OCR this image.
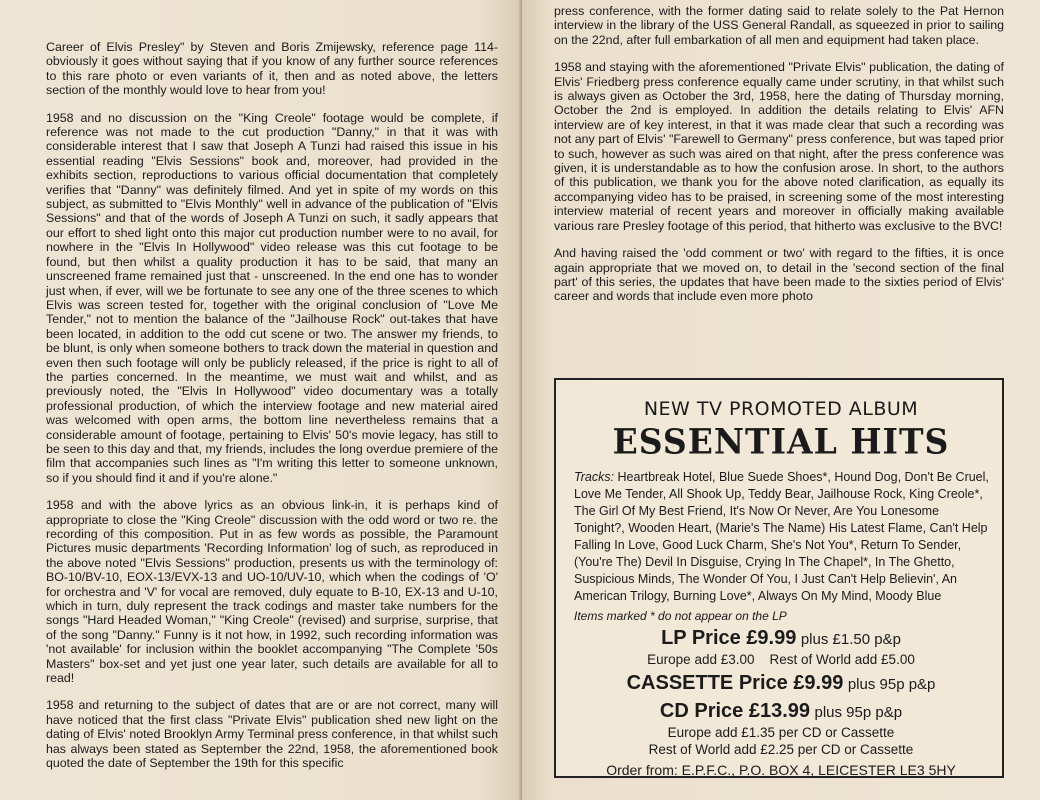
Career of Elvis Presley" by Steven and Boris Zmijewsky, reference page 114- obviously it goes without saying that if you know of any further source references to this rare photo or even variants of it, then and as noted above, the letters section of the monthly would love to hear from you!

1958 and no discussion on the "King Creole" footage would be complete, if reference was not made to the cut production "Danny," in that it was with considerable interest that I saw that Joseph A Tunzi had raised this issue in his essential reading "Elvis Sessions" book and, moreover, had provided in the exhibits section, reproductions to various official documentation that completely verifies that "Danny" was definitely filmed. And yet in spite of my words on this subject, as submitted to "Elvis Monthly" well in advance of the publication of "Elvis Sessions" and that of the words of Joseph A Tunzi on such, it sadly appears that our effort to shed light onto this major cut production number were to no avail, for nowhere in the "Elvis In Hollywood" video release was this cut footage to be found, but then whilst a quality production it has to be said, that many an unscreened frame remained just that - unscreened. In the end one has to wonder just when, if ever, will we be fortunate to see any one of the three scenes to which Elvis was screen tested for, together with the original conclusion of "Love Me Tender," not to mention the balance of the "Jailhouse Rock" out-takes that have been located, in addition to the odd cut scene or two. The answer my friends, to be blunt, is only when someone bothers to track down the material in question and even then such footage will only be publicly released, if the price is right to all of the parties concerned. In the meantime, we must wait and whilst, and as previously noted, the "Elvis In Hollywood" video documentary was a totally professional production, of which the interview footage and new material aired was welcomed with open arms, the bottom line nevertheless remains that a considerable amount of footage, pertaining to Elvis' 50's movie legacy, has still to be seen to this day and that, my friends, includes the long overdue premiere of the film that accompanies such lines as "I'm writing this letter to someone unknown, so if you should find it and if you're alone."

1958 and with the above lyrics as an obvious link-in, it is perhaps kind of appropriate to close the "King Creole" discussion with the odd word or two re. the recording of this composition. Put in as few words as possible, the Paramount Pictures music departments 'Recording Information' log of such, as reproduced in the above noted "Elvis Sessions" production, presents us with the terminology of: BO-10/BV-10, EOX-13/EVX-13 and UO-10/UV-10, which when the codings of 'O' for orchestra and 'V' for vocal are removed, duly equate to B-10, EX-13 and U-10, which in turn, duly represent the track codings and master take numbers for the songs "Hard Headed Woman," "King Creole" (revised) and surprise, surprise, that of the song "Danny." Funny is it not how, in 1992, such recording information was 'not available' for inclusion within the booklet accompanying "The Complete '50s Masters" box-set and yet just one year later, such details are available for all to read!

1958 and returning to the subject of dates that are or are not correct, many will have noticed that the first class "Private Elvis" publication shed new light on the dating of Elvis' noted Brooklyn Army Terminal press conference, in that whilst such has always been stated as September the 22nd, 1958, the aforementioned book quoted the date of September the 19th for this specific

press conference, with the former dating said to relate solely to the Pat Hernon interview in the library of the USS General Randall, as squeezed in prior to sailing on the 22nd, after full embarkation of all men and equipment had taken place.

1958 and staying with the aforementioned "Private Elvis" publication, the dating of Elvis' Friedberg press conference equally came under scrutiny, in that whilst such is always given as October the 3rd, 1958, here the dating of Thursday morning, October the 2nd is employed. In addition the details relating to Elvis' AFN interview are of key interest, in that it was made clear that such a recording was not any part of Elvis' "Farewell to Germany" press conference, but was taped prior to such, however as such was aired on that night, after the press conference was given, it is understandable as to how the confusion arose. In short, to the authors of this publication, we thank you for the above noted clarification, as equally its accompanying video has to be praised, in screening some of the most interesting interview material of recent years and moreover in officially making available various rare Presley footage of this period, that hitherto was exclusive to the BVC!

And having raised the 'odd comment or two' with regard to the fifties, it is once again appropriate that we moved on, to detail in the 'second section of the final part' of this series, the updates that have been made to the sixties period of Elvis' career and words that include even more photo

NEW TV PROMOTED ALBUM
ESSENTIAL HITS
Tracks: Heartbreak Hotel, Blue Suede Shoes*, Hound Dog, Don't Be Cruel, Love Me Tender, All Shook Up, Teddy Bear, Jailhouse Rock, King Creole*, The Girl Of My Best Friend, It's Now Or Never, Are You Lonesome Tonight?, Wooden Heart, (Marie's The Name) His Latest Flame, Can't Help Falling In Love, Good Luck Charm, She's Not You*, Return To Sender, (You're The) Devil In Disguise, Crying In The Chapel*, In The Ghetto, Suspicious Minds, The Wonder Of You, I Just Can't Help Believin', An American Trilogy, Burning Love*, Always On My Mind, Moody Blue
Items marked * do not appear on the LP
LP Price £9.99 plus £1.50 p&p
Europe add £3.00    Rest of World add £5.00
CASSETTE Price £9.99 plus 95p p&p
CD Price £13.99 plus 95p p&p
Europe add £1.35 per CD or Cassette
Rest of World add £2.25 per CD or Cassette
Order from: E.P.F.C., P.O. BOX 4, LEICESTER LE3 5HY
